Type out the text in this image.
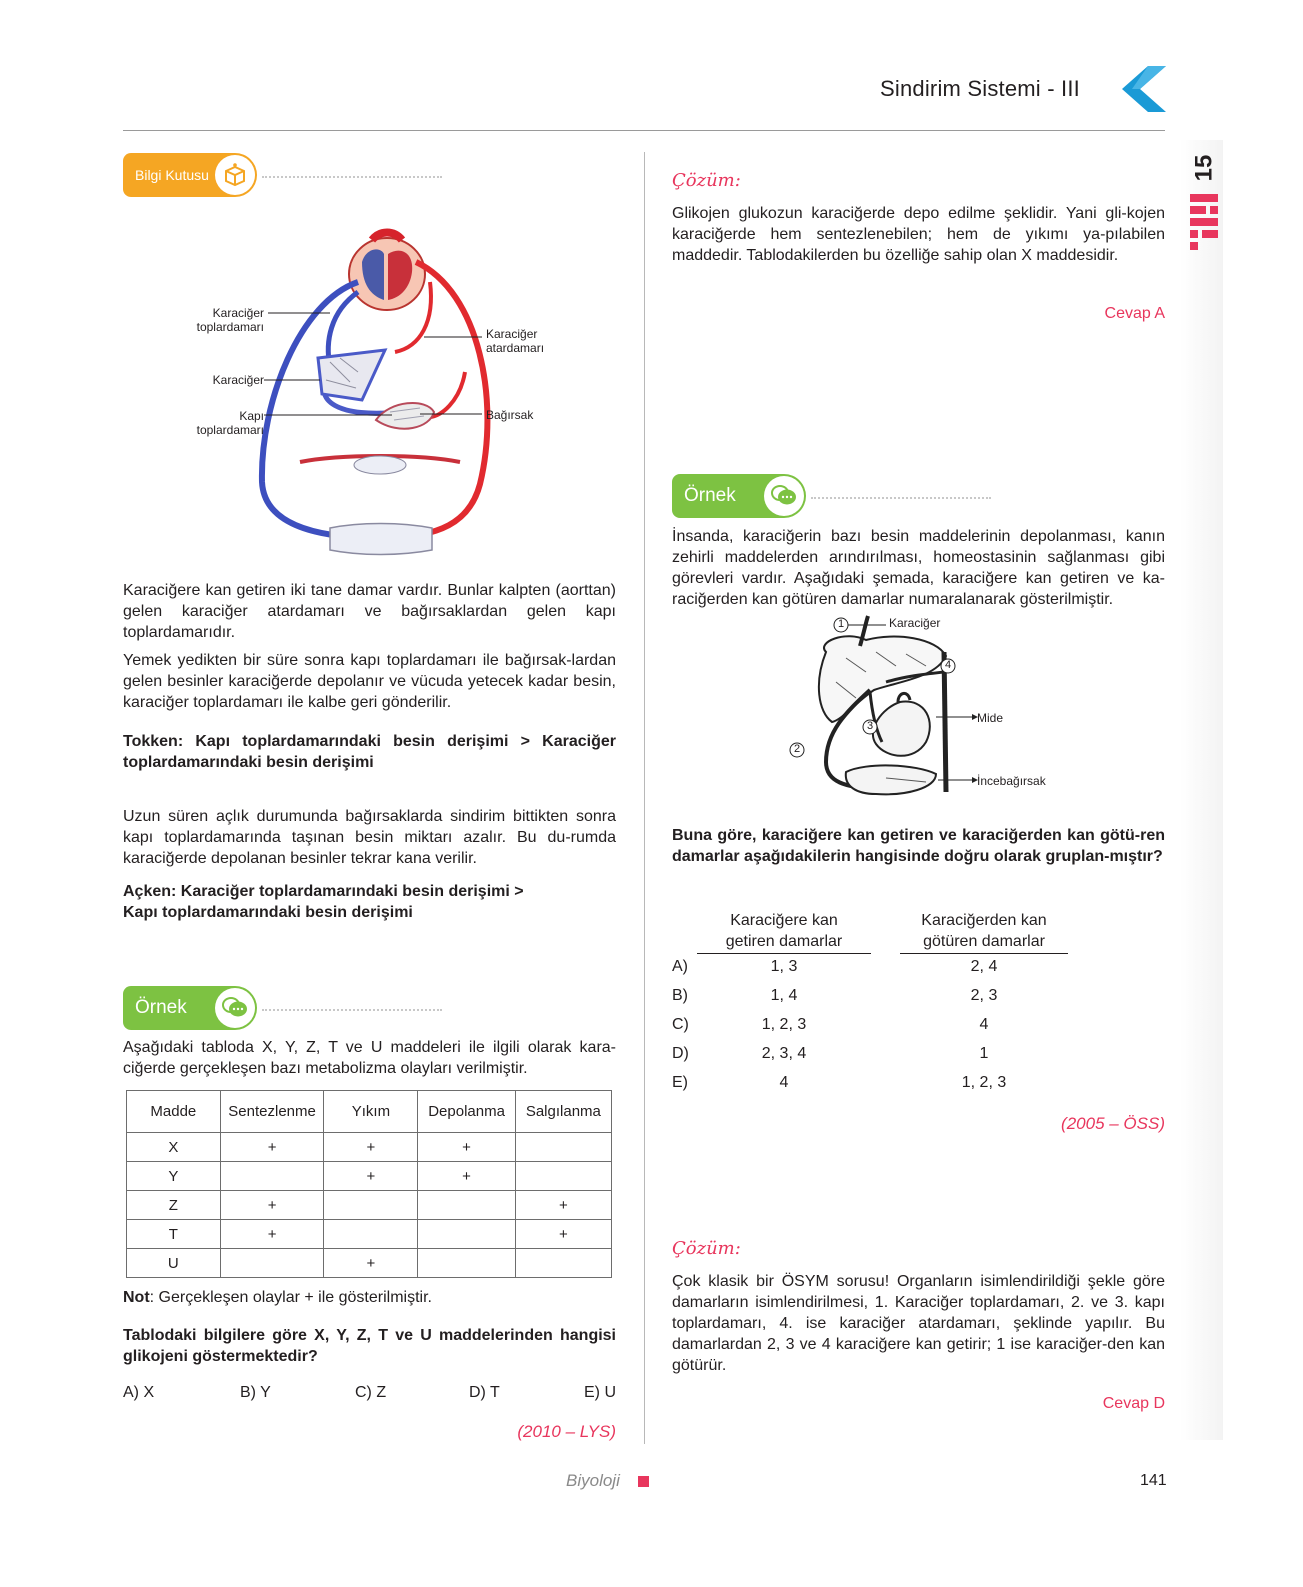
Sindirim Sistemi - III
15
Bilgi Kutusu
Karaciğer
toplardamarı
Karaciğer
Kapı
toplardamarı
Karaciğer
atardamarı
Bağırsak
Karaciğere kan getiren iki tane damar vardır. Bunlar kalpten (aorttan) gelen karaciğer atardamarı ve bağırsaklardan gelen kapı toplardamarıdır.
Yemek yedikten bir süre sonra kapı toplardamarı ile bağırsak-lardan gelen besinler karaciğerde depolanır ve vücuda yetecek kadar besin, karaciğer toplardamarı ile kalbe geri gönderilir.
Tokken: Kapı toplardamarındaki besin derişimi > Karaciğer toplardamarındaki besin derişimi
Uzun süren açlık durumunda bağırsaklarda sindirim bittikten sonra kapı toplardamarında taşınan besin miktarı azalır. Bu du-rumda karaciğerde depolanan besinler tekrar kana verilir.
Açken: Karaciğer toplardamarındaki besin derişimi >
Kapı toplardamarındaki besin derişimi
Örnek
Aşağıdaki tabloda X, Y, Z, T ve U maddeleri ile ilgili olarak kara-ciğerde gerçekleşen bazı metabolizma olayları verilmiştir.
Madde	Sentezlenme	Yıkım	Depolanma	Salgılanma
X	+	+	+	
Y		+	+	
Z	+			+
T	+			+
U		+		
Not: Gerçekleşen olaylar + ile gösterilmiştir.
Tablodaki bilgilere göre X, Y, Z, T ve U maddelerinden hangisi glikojeni göstermektedir?
A) X	B) Y	C) Z	D) T	E) U
(2010 – LYS)
Çözüm:
Glikojen glukozun karaciğerde depo edilme şeklidir. Yani gli-kojen karaciğerde hem sentezlenebilen; hem de yıkımı ya-pılabilen maddedir. Tablodakilerden bu özelliğe sahip olan X maddesidir.
Cevap A
Örnek
İnsanda, karaciğerin bazı besin maddelerinin depolanması, kanın zehirli maddelerden arındırılması, homeostasinin sağlanması gibi görevleri vardır. Aşağıdaki şemada, karaciğere kan getiren ve ka-raciğerden kan götüren damarlar numaralanarak gösterilmiştir.
1
4
3
2
Karaciğer
Mide
İncebağırsak
Buna göre, karaciğere kan getiren ve karaciğerden kan götü-ren damarlar aşağıdakilerin hangisinde doğru olarak gruplan-mıştır?
Karaciğere kan
getiren damarlar
Karaciğerden kan
götüren damarlar
A)	1, 3	2, 4
B)	1, 4	2, 3
C)	1, 2, 3	4
D)	2, 3, 4	1
E)	4	1, 2, 3
(2005 – ÖSS)
Çözüm:
Çok klasik bir ÖSYM sorusu! Organların isimlendirildiği şekle göre damarların isimlendirilmesi, 1. Karaciğer toplardamarı, 2. ve 3. kapı toplardamarı, 4. ise karaciğer atardamarı, şeklinde yapılır. Bu damarlardan 2, 3 ve 4 karaciğere kan getirir; 1 ise karaciğer-den kan götürür.
Cevap D
Biyoloji	141
